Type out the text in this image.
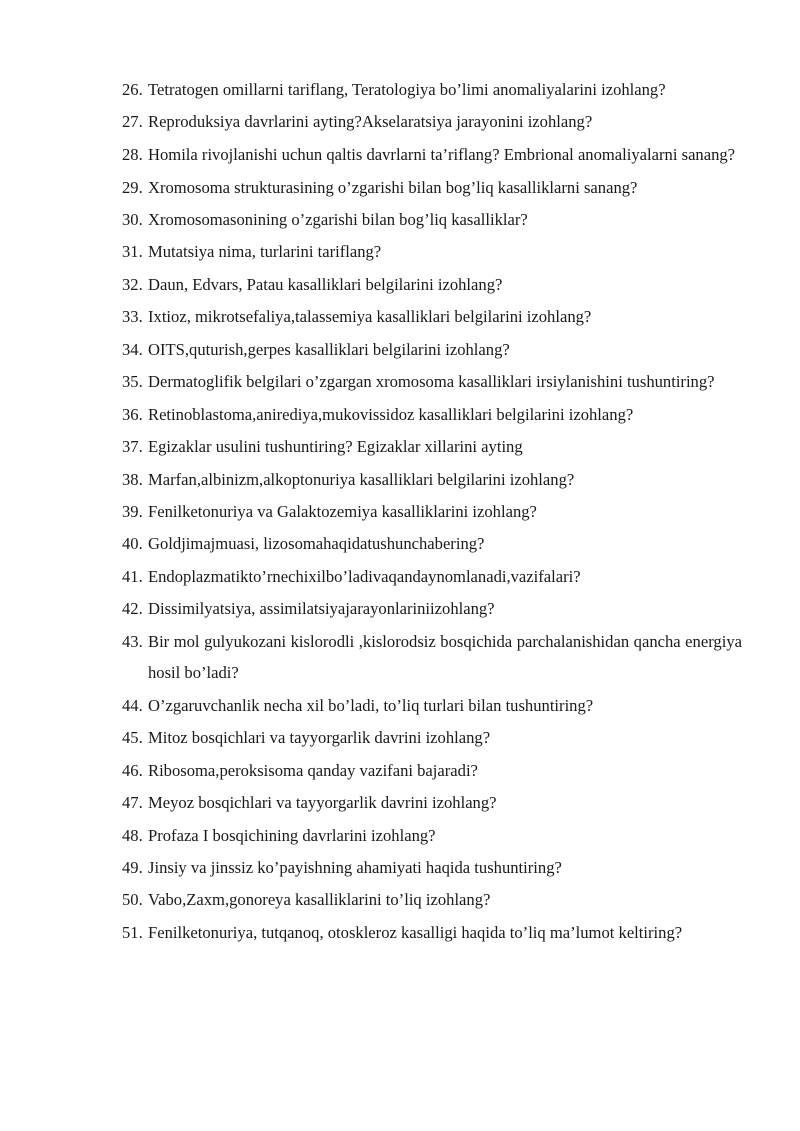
26. Tetratogen omillarni tariflang, Teratologiya bo’limi anomaliyalarini izohlang?
27. Reproduksiya davrlarini ayting?Akselaratsiya jarayonini izohlang?
28. Homila rivojlanishi uchun qaltis davrlarni ta’riflang? Embrional anomaliyalarni sanang?
29. Xromosoma strukturasining o’zgarishi bilan bog’liq kasalliklarni sanang?
30. Xromosomasonining o’zgarishi bilan bog’liq kasalliklar?
31. Mutatsiya nima, turlarini tariflang?
32. Daun, Edvars, Patau kasalliklari belgilarini izohlang?
33. Ixtioz, mikrotsefaliya,talassemiya kasalliklari belgilarini izohlang?
34. OITS,quturish,gerpes kasalliklari belgilarini izohlang?
35. Dermatoglifik belgilari o’zgargan xromosoma kasalliklari irsiylanishini tushuntiring?
36. Retinoblastoma,anirediya,mukovissidoz kasalliklari belgilarini izohlang?
37. Egizaklar usulini tushuntiring? Egizaklar xillarini ayting
38. Marfan,albinizm,alkoptonuriya kasalliklari belgilarini izohlang?
39. Fenilketonuriya va Galaktozemiya kasalliklarini izohlang?
40. Goldjimajmuasi, lizosomahaqidatushunchabering?
41. Endoplazmatikto’rnechixilbo’ladivaqandaynomlanadi,vazifalari?
42. Dissimilyatsiya, assimilatsiyajarayonlariniizohlang?
43. Bir mol gulyukozani kislorodli ,kislorodsiz bosqichida parchalanishidan qancha energiya hosil bo’ladi?
44. O’zgaruvchanlik necha xil bo’ladi, to’liq turlari bilan tushuntiring?
45. Mitoz bosqichlari va tayyorgarlik davrini izohlang?
46. Ribosoma,peroksisoma qanday vazifani bajaradi?
47. Meyoz bosqichlari va tayyorgarlik davrini izohlang?
48. Profaza I bosqichining davrlarini izohlang?
49. Jinsiy va jinssiz ko’payishning ahamiyati haqida tushuntiring?
50. Vabo,Zaxm,gonoreya kasalliklarini to’liq izohlang?
51. Fenilketonuriya, tutqanoq, otoskleroz kasalligi haqida to’liq ma’lumot keltiring?
